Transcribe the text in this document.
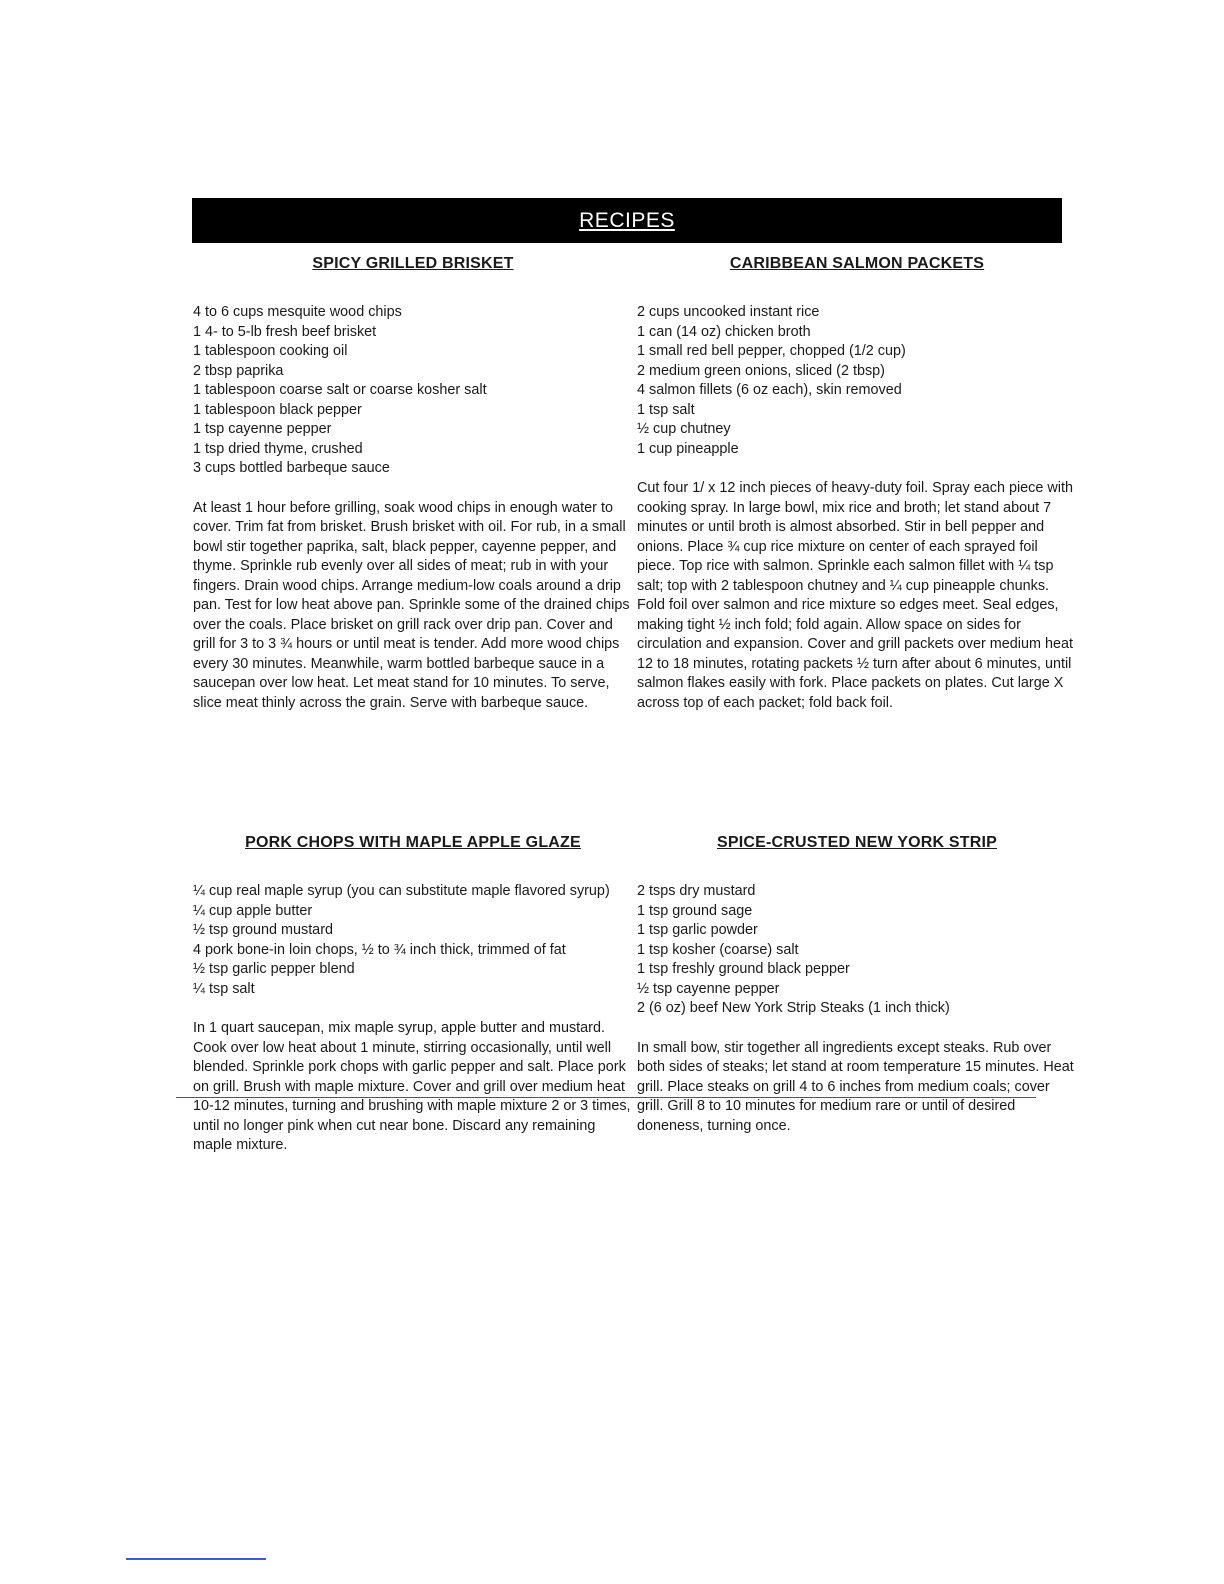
RECIPES
SPICY GRILLED BRISKET
4 to 6 cups mesquite wood chips
1 4- to 5-lb fresh beef brisket
1 tablespoon cooking oil
2 tbsp paprika
1 tablespoon coarse salt or coarse kosher salt
1 tablespoon black pepper
1 tsp cayenne pepper
1 tsp dried thyme, crushed
3 cups bottled barbeque sauce

At least 1 hour before grilling, soak wood chips in enough water to cover. Trim fat from brisket. Brush brisket with oil. For rub, in a small bowl stir together paprika, salt, black pepper, cayenne pepper, and thyme. Sprinkle rub evenly over all sides of meat; rub in with your fingers. Drain wood chips. Arrange medium-low coals around a drip pan. Test for low heat above pan. Sprinkle some of the drained chips over the coals. Place brisket on grill rack over drip pan. Cover and grill for 3 to 3 ¾ hours or until meat is tender. Add more wood chips every 30 minutes. Meanwhile, warm bottled barbeque sauce in a saucepan over low heat. Let meat stand for 10 minutes. To serve, slice meat thinly across the grain. Serve with barbeque sauce.

CARIBBEAN SALMON PACKETS
2 cups uncooked instant rice
1 can (14 oz) chicken broth
1 small red bell pepper, chopped (1/2 cup)
2 medium green onions, sliced (2 tbsp)
4 salmon fillets (6 oz each), skin removed
1 tsp salt
½ cup chutney
1 cup pineapple

Cut four 1/ x 12 inch pieces of heavy-duty foil. Spray each piece with cooking spray. In large bowl, mix rice and broth; let stand about 7 minutes or until broth is almost absorbed. Stir in bell pepper and onions. Place ¾ cup rice mixture on center of each sprayed foil piece. Top rice with salmon. Sprinkle each salmon fillet with ¼ tsp salt; top with 2 tablespoon chutney and ¼ cup pineapple chunks. Fold foil over salmon and rice mixture so edges meet. Seal edges, making tight ½ inch fold; fold again. Allow space on sides for circulation and expansion. Cover and grill packets over medium heat 12 to 18 minutes, rotating packets ½ turn after about 6 minutes, until salmon flakes easily with fork. Place packets on plates. Cut large X across top of each packet; fold back foil.

PORK CHOPS WITH MAPLE APPLE GLAZE
¼ cup real maple syrup (you can substitute maple flavored syrup)
¼ cup apple butter
½ tsp ground mustard
4 pork bone-in loin chops, ½ to ¾ inch thick, trimmed of fat
½ tsp garlic pepper blend
¼ tsp salt

In 1 quart saucepan, mix maple syrup, apple butter and mustard. Cook over low heat about 1 minute, stirring occasionally, until well blended. Sprinkle pork chops with garlic pepper and salt. Place pork on grill. Brush with maple mixture. Cover and grill over medium heat 10-12 minutes, turning and brushing with maple mixture 2 or 3 times, until no longer pink when cut near bone. Discard any remaining maple mixture.

SPICE-CRUSTED NEW YORK STRIP
2 tsps dry mustard
1 tsp ground sage
1 tsp garlic powder
1 tsp kosher (coarse) salt
1 tsp freshly ground black pepper
½ tsp cayenne pepper
2 (6 oz) beef New York Strip Steaks (1 inch thick)

In small bow, stir together all ingredients except steaks. Rub over both sides of steaks; let stand at room temperature 15 minutes. Heat grill. Place steaks on grill 4 to 6 inches from medium coals; cover grill. Grill 8 to 10 minutes for medium rare or until of desired doneness, turning once.
